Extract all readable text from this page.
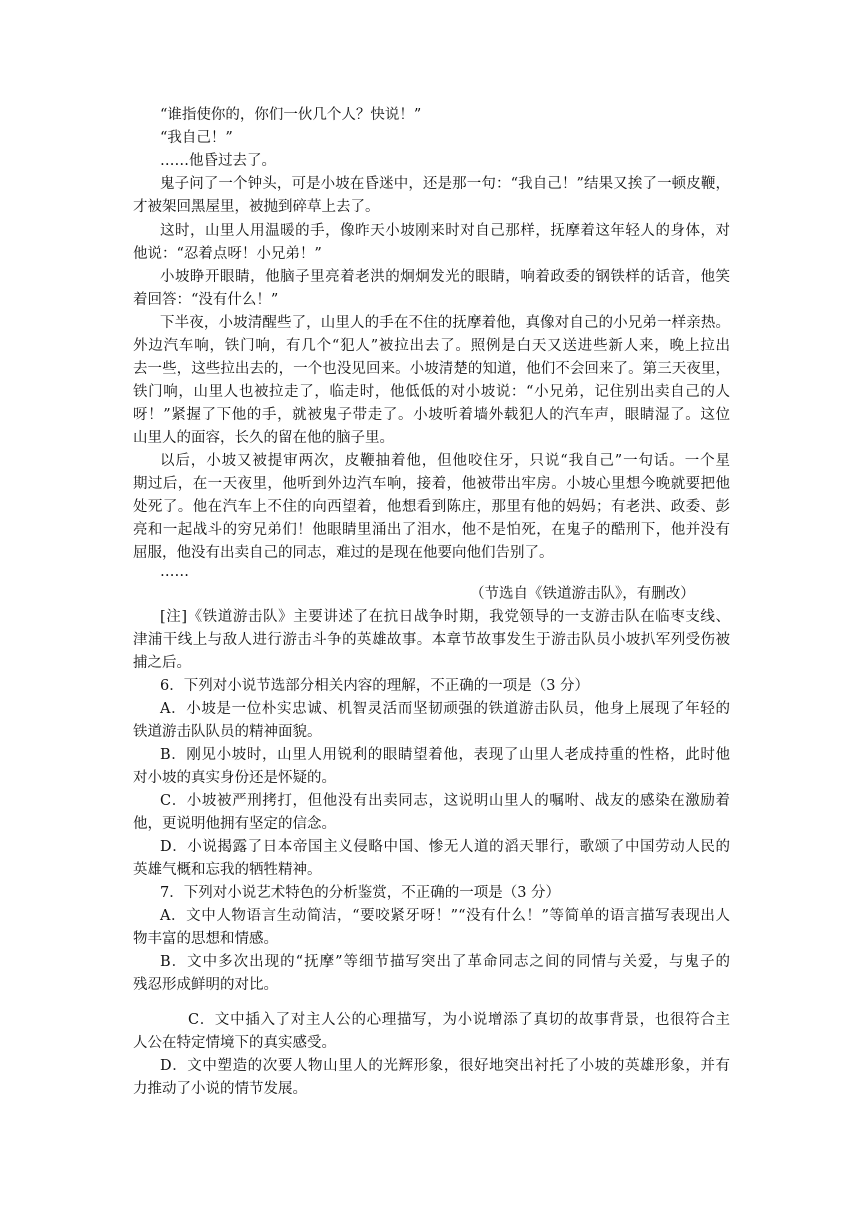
“谁指使你的，你们一伙几个人？快说！”
“我自己！”
……他昏过去了。
鬼子问了一个钟头，可是小坡在昏迷中，还是那一句：“我自己！”结果又挨了一顿皮鞭，
才被架回黑屋里，被抛到碎草上去了。
这时，山里人用温暖的手，像昨天小坡刚来时对自己那样，抚摩着这年轻人的身体，对
他说：“忍着点呀！小兄弟！”
小坡睁开眼睛，他脑子里亮着老洪的炯炯发光的眼睛，响着政委的钢铁样的话音，他笑
着回答：“没有什么！”
下半夜，小坡清醒些了，山里人的手在不住的抚摩着他，真像对自己的小兄弟一样亲热。
外边汽车响，铁门响，有几个“犯人”被拉出去了。照例是白天又送进些新人来，晚上拉出
去一些，这些拉出去的，一个也没见回来。小坡清楚的知道，他们不会回来了。第三天夜里，
铁门响，山里人也被拉走了，临走时，他低低的对小坡说：“小兄弟，记住别出卖自己的人
呀！”紧握了下他的手，就被鬼子带走了。小坡听着墙外载犯人的汽车声，眼睛湿了。这位
山里人的面容，长久的留在他的脑子里。
以后，小坡又被提审两次，皮鞭抽着他，但他咬住牙，只说“我自己”一句话。一个星
期过后，在一天夜里，他听到外边汽车响，接着，他被带出牢房。小坡心里想今晚就要把他
处死了。他在汽车上不住的向西望着，他想看到陈庄，那里有他的妈妈；有老洪、政委、彭
亮和一起战斗的穷兄弟们！他眼睛里涌出了泪水，他不是怕死，在鬼子的酷刑下，他并没有
屈服，他没有出卖自己的同志，难过的是现在他要向他们告别了。
……
（节选自《铁道游击队》，有删改）
[注]《铁道游击队》主要讲述了在抗日战争时期，我党领导的一支游击队在临枣支线、
津浦干线上与敌人进行游击斗争的英雄故事。本章节故事发生于游击队员小坡扒军列受伤被
捕之后。
6．下列对小说节选部分相关内容的理解，不正确的一项是（3 分）
A．小坡是一位朴实忠诚、机智灵活而坚韧顽强的铁道游击队员，他身上展现了年轻的
铁道游击队队员的精神面貌。
B．刚见小坡时，山里人用锐利的眼睛望着他，表现了山里人老成持重的性格，此时他
对小坡的真实身份还是怀疑的。
C．小坡被严刑拷打，但他没有出卖同志，这说明山里人的嘱咐、战友的感染在激励着
他，更说明他拥有坚定的信念。
D．小说揭露了日本帝国主义侵略中国、惨无人道的滔天罪行，歌颂了中国劳动人民的
英雄气概和忘我的牺牲精神。
7．下列对小说艺术特色的分析鉴赏，不正确的一项是（3 分）
A．文中人物语言生动简洁，“要咬紧牙呀！”“没有什么！”等简单的语言描写表现出人
物丰富的思想和情感。
B．文中多次出现的“抚摩”等细节描写突出了革命同志之间的同情与关爱，与鬼子的
残忍形成鲜明的对比。
C．文中插入了对主人公的心理描写，为小说增添了真切的故事背景，也很符合主
人公在特定情境下的真实感受。
D．文中塑造的次要人物山里人的光辉形象，很好地突出衬托了小坡的英雄形象，并有
力推动了小说的情节发展。
